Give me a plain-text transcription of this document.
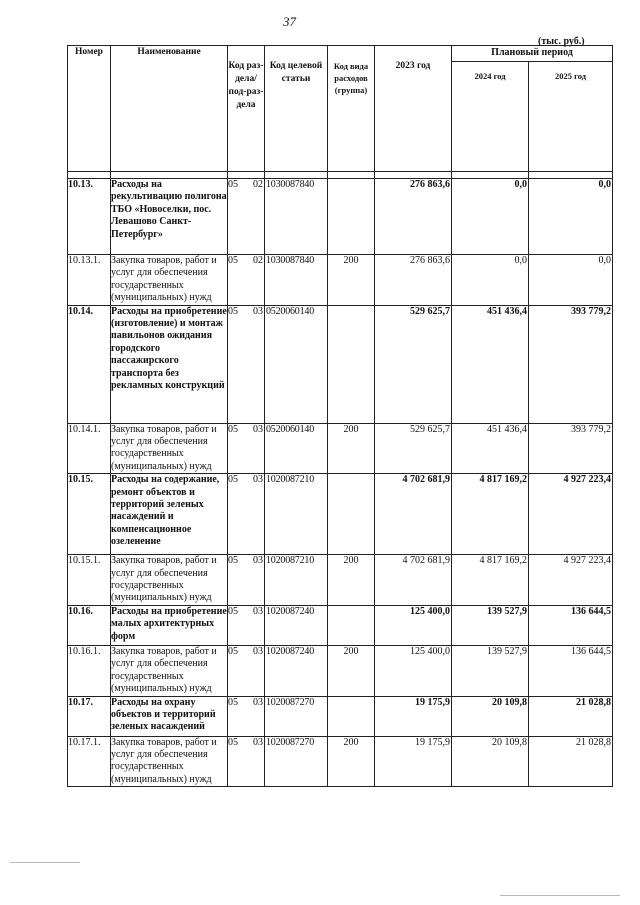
37
(тыс. руб.)
Номер	Наименование	Код раз-дела/ под-раз-дела		Код целевой статьи	Код вида расходов (группа)	2023 год	Плановый период	
							2024 год	2025 год

10.13.	Расходы на рекультивацию полигона ТБО «Новоселки, пос. Левашово Санкт-Петербург»	05	02	1030087840		276 863,6	0,0	0,0
10.13.1.	Закупка товаров, работ и услуг для обеспечения государственных (муниципальных) нужд	05	02	1030087840	200	276 863,6	0,0	0,0
10.14.	Расходы на приобретение (изготовление) и монтаж павильонов ожидания городского пассажирского транспорта без рекламных конструкций	05	03	0520060140		529 625,7	451 436,4	393 779,2
10.14.1.	Закупка товаров, работ и услуг для обеспечения государственных (муниципальных) нужд	05	03	0520060140	200	529 625,7	451 436,4	393 779,2
10.15.	Расходы на содержание, ремонт объектов и территорий зеленых насаждений и компенсационное озеленение	05	03	1020087210		4 702 681,9	4 817 169,2	4 927 223,4
10.15.1.	Закупка товаров, работ и услуг для обеспечения государственных (муниципальных) нужд	05	03	1020087210	200	4 702 681,9	4 817 169,2	4 927 223,4
10.16.	Расходы на приобретение малых архитектурных форм	05	03	1020087240		125 400,0	139 527,9	136 644,5
10.16.1.	Закупка товаров, работ и услуг для обеспечения государственных (муниципальных) нужд	05	03	1020087240	200	125 400,0	139 527,9	136 644,5
10.17.	Расходы на охрану объектов и территорий зеленых насаждений	05	03	1020087270		19 175,9	20 109,8	21 028,8
10.17.1.	Закупка товаров, работ и услуг для обеспечения государственных (муниципальных) нужд	05	03	1020087270	200	19 175,9	20 109,8	21 028,8
